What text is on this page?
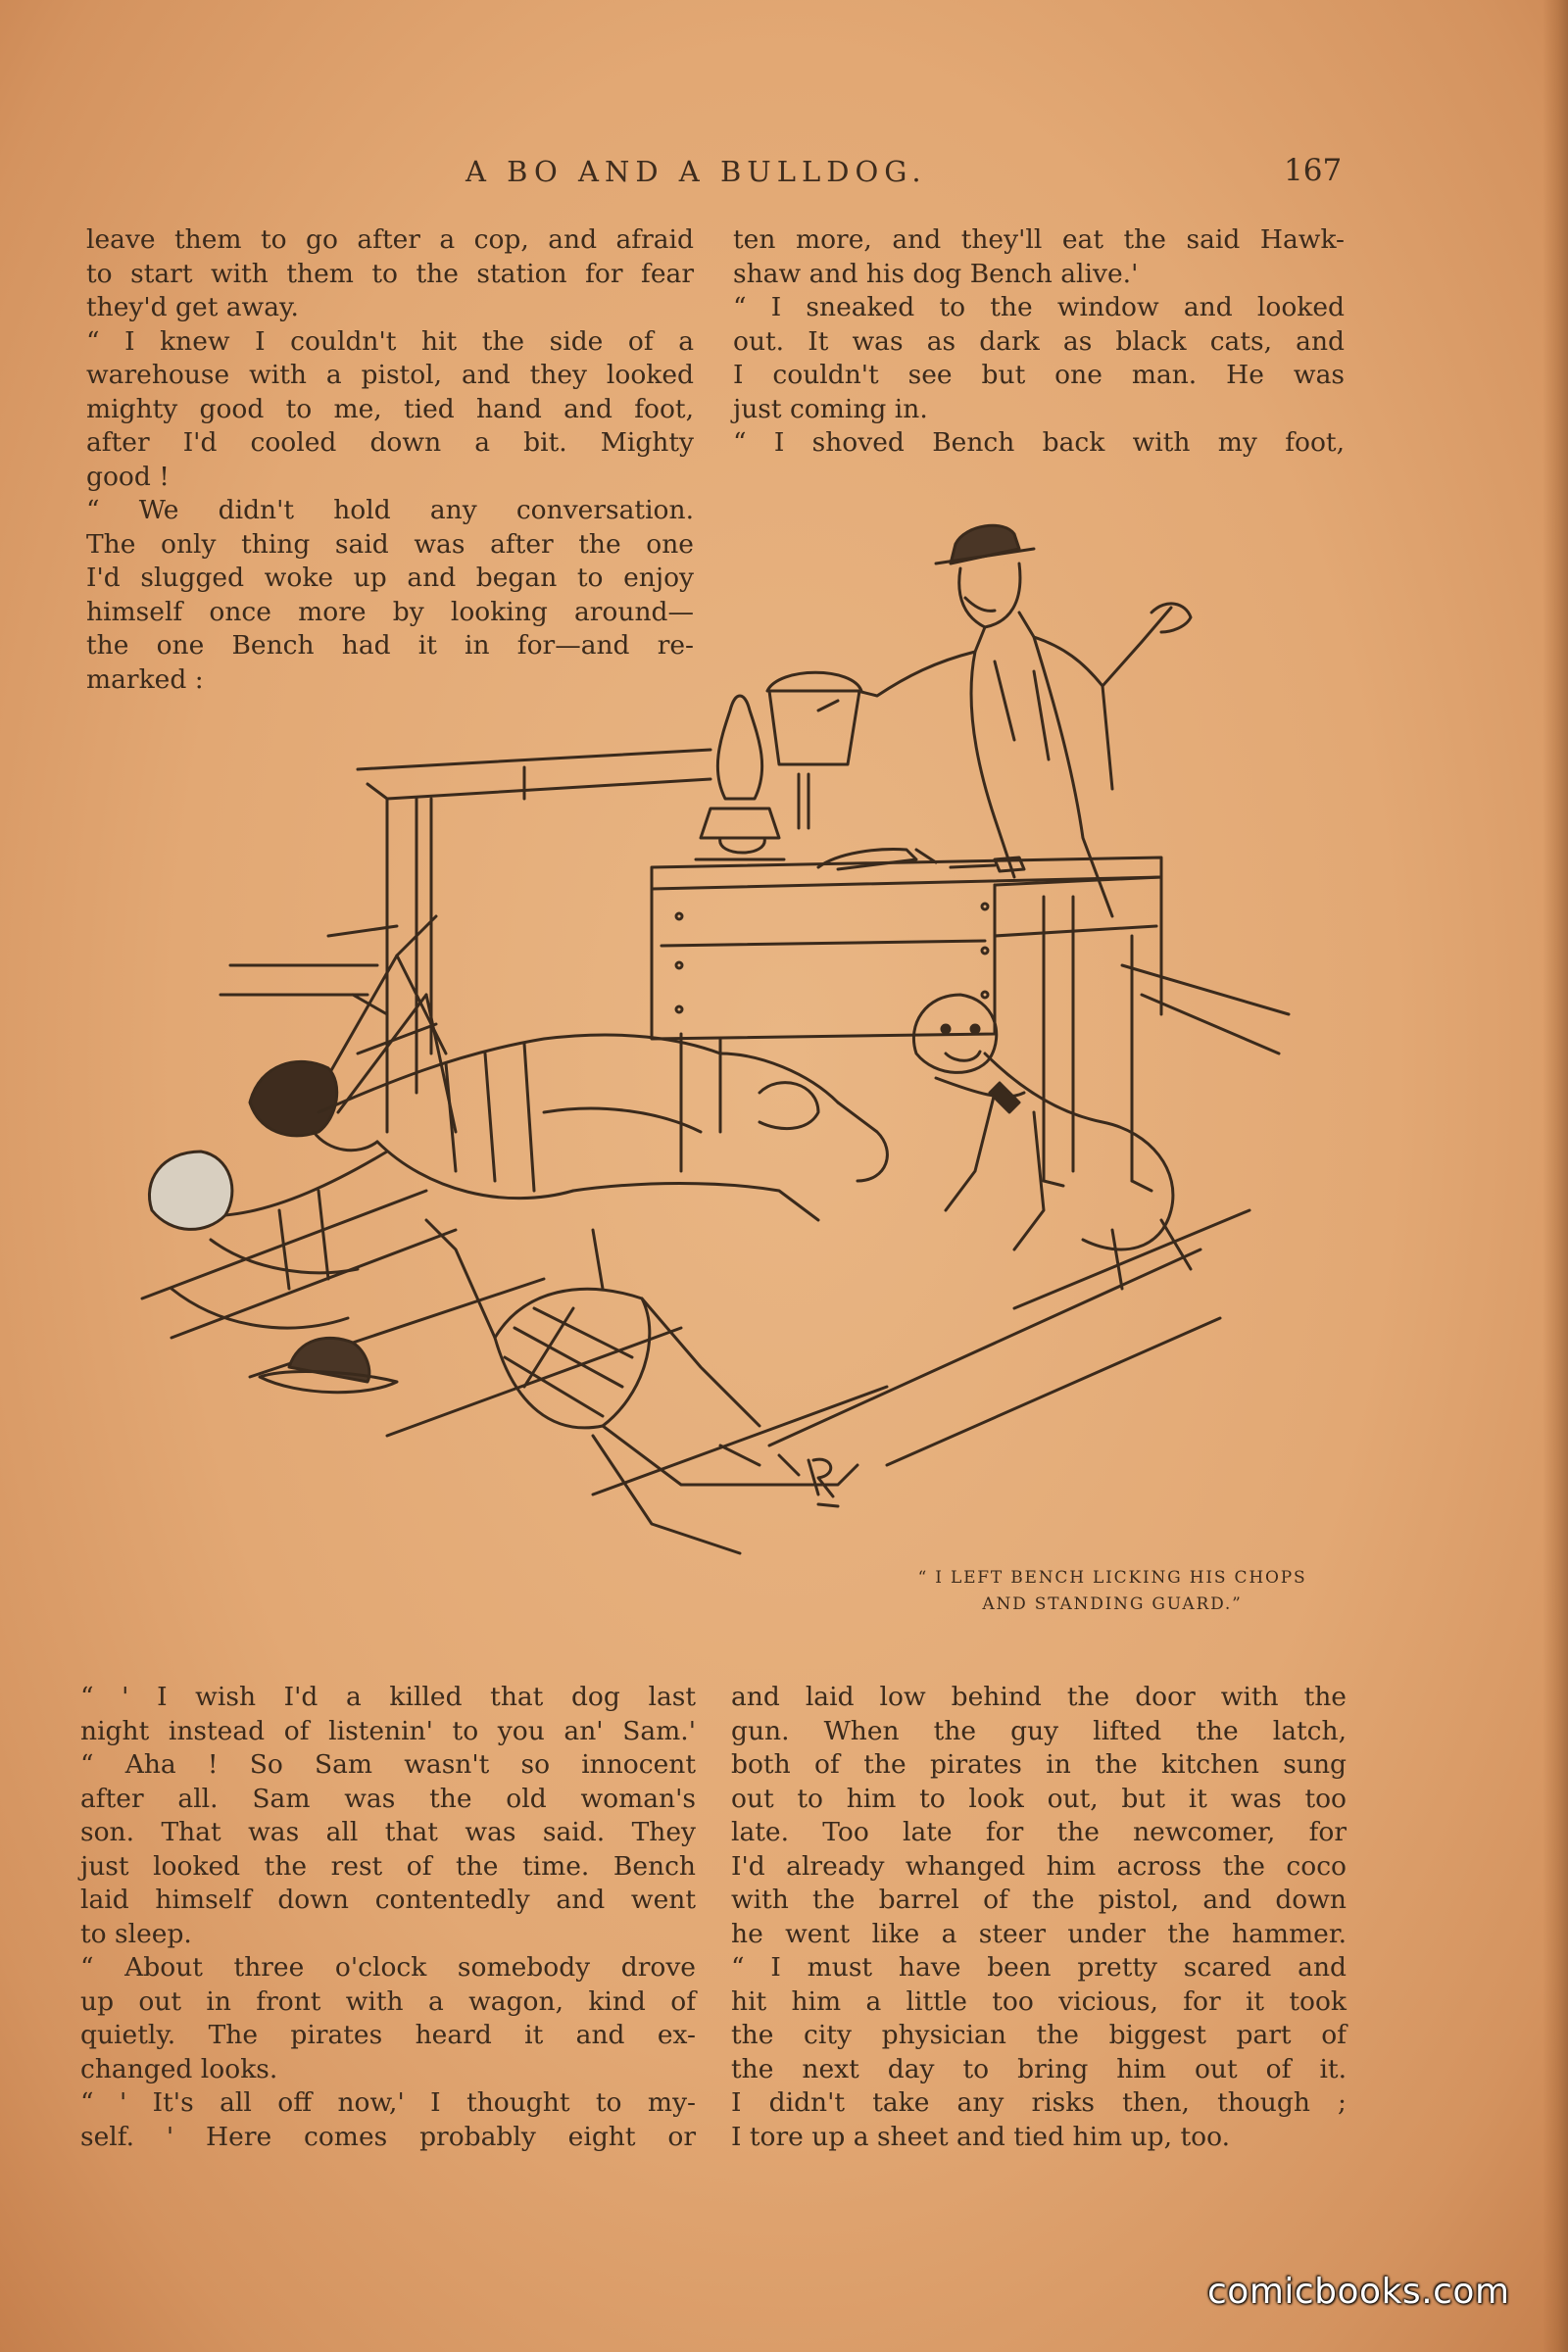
A BO AND A BULLDOG.	167
leave them to go after a cop, and afraid
to start with them to the station for fear
they'd get away.
“ I knew I couldn't hit the side of a
warehouse with a pistol, and they looked
mighty good to me, tied hand and foot,
after I'd cooled down a bit. Mighty
good !
“ We didn't hold any conversation.
The only thing said was after the one
I'd slugged woke up and began to enjoy
himself once more by looking around—
the one Bench had it in for—and re-
marked :
ten more, and they'll eat the said Hawk-
shaw and his dog Bench alive.'
“ I sneaked to the window and looked
out. It was as dark as black cats, and
I couldn't see but one man. He was
just coming in.
“ I shoved Bench back with my foot,
“ I LEFT BENCH LICKING HIS CHOPS
AND STANDING GUARD.”
“ ' I wish I'd a killed that dog last
night instead of listenin' to you an' Sam.'
“ Aha ! So Sam wasn't so innocent
after all. Sam was the old woman's
son. That was all that was said. They
just looked the rest of the time. Bench
laid himself down contentedly and went
to sleep.
“ About three o'clock somebody drove
up out in front with a wagon, kind of
quietly. The pirates heard it and ex-
changed looks.
“ ' It's all off now,' I thought to my-
self. ' Here comes probably eight or
and laid low behind the door with the
gun. When the guy lifted the latch,
both of the pirates in the kitchen sung
out to him to look out, but it was too
late. Too late for the newcomer, for
I'd already whanged him across the coco
with the barrel of the pistol, and down
he went like a steer under the hammer.
“ I must have been pretty scared and
hit him a little too vicious, for it took
the city physician the biggest part of
the next day to bring him out of it.
I didn't take any risks then, though ;
I tore up a sheet and tied him up, too.
comicbooks.com
